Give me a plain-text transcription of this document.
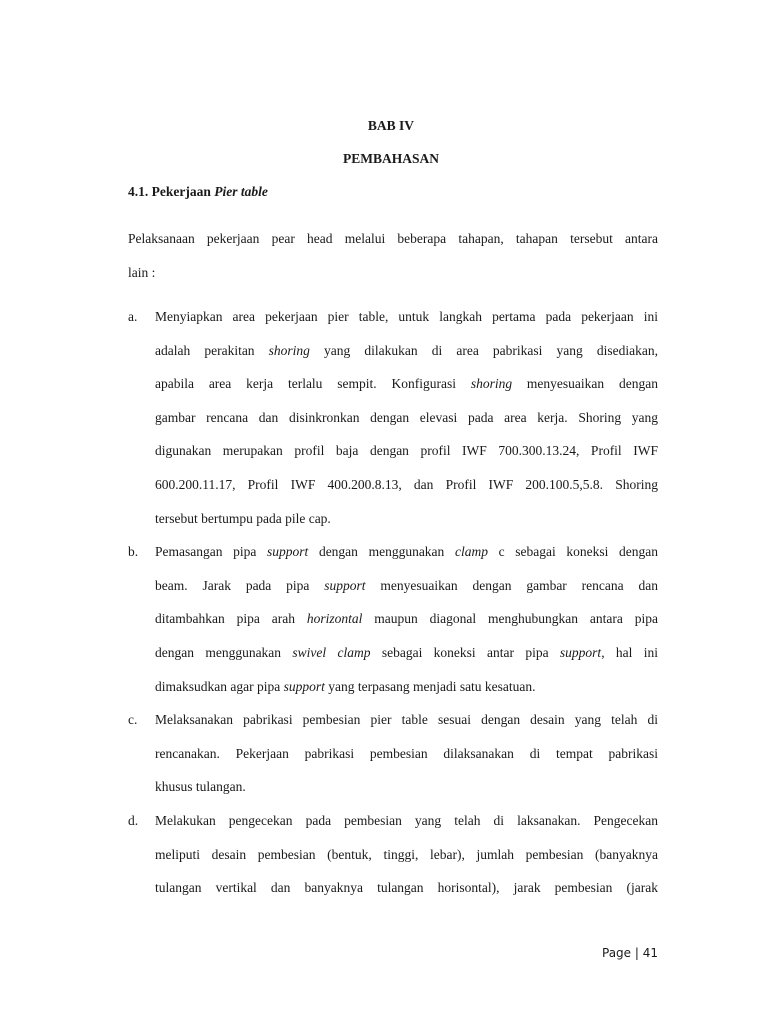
BAB IV
PEMBAHASAN
4.1. Pekerjaan Pier table
Pelaksanaan pekerjaan pear head melalui beberapa tahapan, tahapan tersebut antara
lain :
a. Menyiapkan area pekerjaan pier table, untuk langkah pertama pada pekerjaan ini
adalah perakitan shoring yang dilakukan di area pabrikasi yang disediakan,
apabila area kerja terlalu sempit. Konfigurasi shoring menyesuaikan dengan
gambar rencana dan disinkronkan dengan elevasi pada area kerja. Shoring yang
digunakan merupakan profil baja dengan profil IWF 700.300.13.24, Profil IWF
600.200.11.17, Profil IWF 400.200.8.13, dan Profil IWF 200.100.5,5.8. Shoring
tersebut bertumpu pada pile cap.
b. Pemasangan pipa support dengan menggunakan clamp c sebagai koneksi dengan
beam. Jarak pada pipa support menyesuaikan dengan gambar rencana dan
ditambahkan pipa arah horizontal maupun diagonal menghubungkan antara pipa
dengan menggunakan swivel clamp sebagai koneksi antar pipa support, hal ini
dimaksudkan agar pipa support yang terpasang menjadi satu kesatuan.
c. Melaksanakan pabrikasi pembesian pier table sesuai dengan desain yang telah di
rencanakan. Pekerjaan pabrikasi pembesian dilaksanakan di tempat pabrikasi
khusus tulangan.
d. Melakukan pengecekan pada pembesian yang telah di laksanakan. Pengecekan
meliputi desain pembesian (bentuk, tinggi, lebar), jumlah pembesian (banyaknya
tulangan vertikal dan banyaknya tulangan horisontal), jarak pembesian (jarak
Page | 41
